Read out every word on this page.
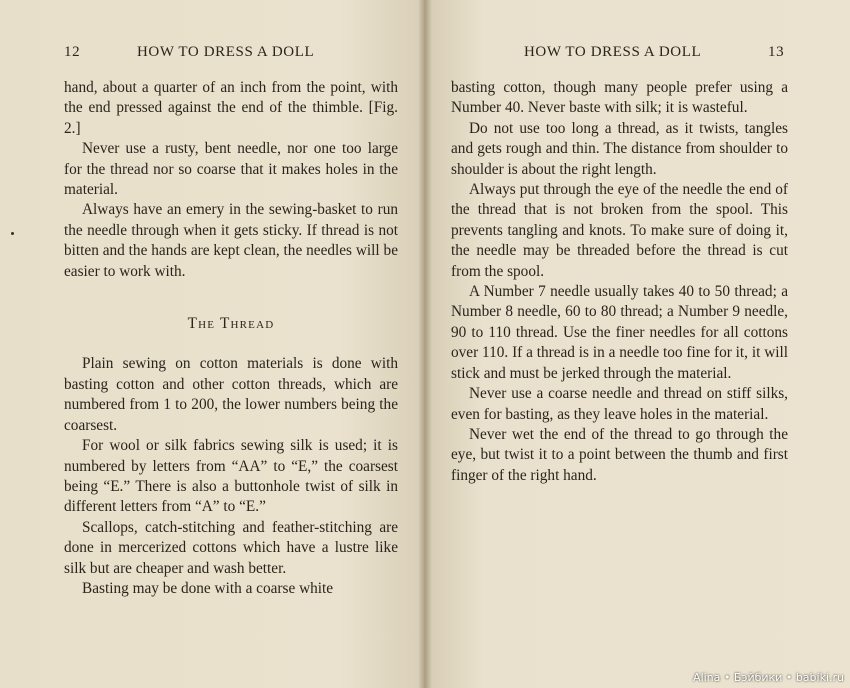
12	HOW TO DRESS A DOLL

hand, about a quarter of an inch from the point, with the end pressed against the end of the thimble. [Fig. 2.]

Never use a rusty, bent needle, nor one too large for the thread nor so coarse that it makes holes in the material.

Always have an emery in the sewing-basket to run the needle through when it gets sticky. If thread is not bitten and the hands are kept clean, the needles will be easier to work with.

The Thread

Plain sewing on cotton materials is done with basting cotton and other cotton threads, which are numbered from 1 to 200, the lower numbers being the coarsest.

For wool or silk fabrics sewing silk is used; it is numbered by letters from “AA” to “E,” the coarsest being “E.” There is also a buttonhole twist of silk in different letters from “A” to “E.”

Scallops, catch-stitching and feather-stitching are done in mercerized cottons which have a lustre like silk but are cheaper and wash better.

Basting may be done with a coarse white

HOW TO DRESS A DOLL	13

basting cotton, though many people prefer using a Number 40. Never baste with silk; it is wasteful.

Do not use too long a thread, as it twists, tangles and gets rough and thin. The distance from shoulder to shoulder is about the right length.

Always put through the eye of the needle the end of the thread that is not broken from the spool. This prevents tangling and knots. To make sure of doing it, the needle may be threaded before the thread is cut from the spool.

A Number 7 needle usually takes 40 to 50 thread; a Number 8 needle, 60 to 80 thread; a Number 9 needle, 90 to 110 thread. Use the finer needles for all cottons over 110. If a thread is in a needle too fine for it, it will stick and must be jerked through the material.

Never use a coarse needle and thread on stiff silks, even for basting, as they leave holes in the material.

Never wet the end of the thread to go through the eye, but twist it to a point between the thumb and first finger of the right hand.

Alina • Бэйбики • babiki.ru
